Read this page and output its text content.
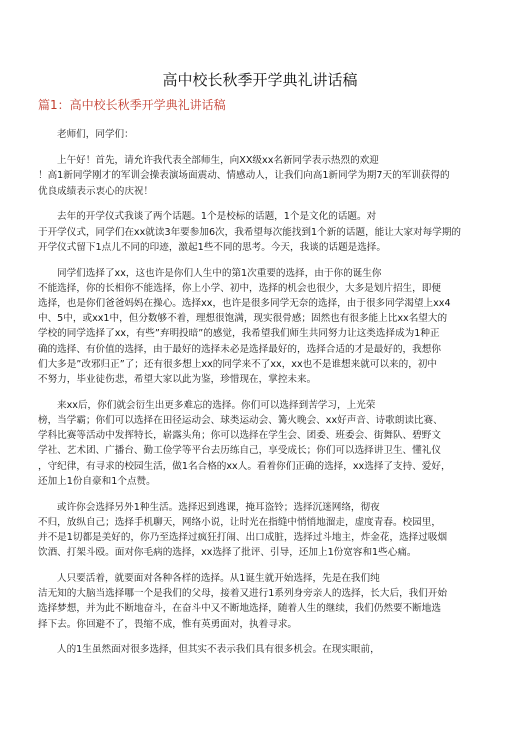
高中校长秋季开学典礼讲话稿
篇1：高中校长秋季开学典礼讲话稿

老师们，同学们：

上午好！首先，请允许我代表全部师生，向XX级xx名新同学表示热烈的欢迎
！高1新同学刚才的军训会操表演场面震动、情感动人，让我们向高1新同学为期7天的军训获得的
优良成绩表示衷心的庆祝！

去年的开学仪式我谈了两个话题。1个是校标的话题，1个是文化的话题。对
于开学仪式，同学们在xx就读3年要参加6次，我希望每次能找到1个新的话题，能让大家对每学期的
开学仪式留下1点儿不同的印迹，激起1些不同的思考。今天，我谈的话题是选择。

同学们选择了xx，这也许是你们人生中的第1次重要的选择，由于你的诞生你
不能选择，你的长相你不能选择，你上小学、初中，选择的机会也很少，大多是划片招生，即便
选择，也是你们爸爸妈妈在操心。选择xx，也许是很多同学无奈的选择，由于很多同学渴望上xx4
中、5中，或xx1中，但分数够不着，理想很饱满，现实很骨感；固然也有很多能上比xx名望大的
学校的同学选择了xx，有些”弃明投暗”的感觉，我希望我们师生共同努力让这类选择成为1种正
确的选择、有价值的选择，由于最好的选择未必是选择最好的，选择合适的才是最好的，我想你
们大多是”改邪归正”了；还有很多想上xx的同学来不了xx，xx也不是谁想来就可以来的，初中
不努力，毕业徒伤悲，希望大家以此为鉴，珍惜现在，掌控未来。

来xx后，你们就会衍生出更多难忘的选择。你们可以选择到苦学习，上光荣
榜，当学霸；你们可以选择在田径运动会、球类运动会、篝火晚会、xx好声音、诗歌朗读比赛、
学科比赛等活动中发挥特长，崭露头角；你可以选择在学生会、团委、班委会、街舞队、碧野文
学社、艺术团、广播台、勤工俭学等平台去历练自己，享受成长；你们可以选择讲卫生、懂礼仪
，守纪律，有寻求的校园生活，做1名合格的xx人。看着你们正确的选择，xx选择了支持、爱好，
还加上1份自豪和1个点赞。

或许你会选择另外1种生活。选择迟到逃课，掩耳盗铃；选择沉迷网络，彻夜
不归，放纵自己；选择手机聊天，网络小说，让时光在指缝中悄悄地溜走，虚度青春。校园里，
并不是1切都是美好的，你乃至选择过疯狂打闹、出口成脏，选择过斗地主，炸金花，选择过吸烟
饮酒、打架斗殴。面对你毛病的选择，xx选择了批评、引导，还加上1份宽容和1些心痛。

人只要活着，就要面对各种各样的选择。从1诞生就开始选择，先是在我们纯
洁无知的大脑当选择哪一个是我们的父母，接着又进行1系列身旁亲人的选择，长大后，我们开始
选择梦想，并为此不断地奋斗，在奋斗中又不断地选择，随着人生的继续，我们仍然要不断地选
择下去。你回避不了，畏缩不成，惟有英勇面对，执着寻求。

人的1生虽然面对很多选择，但其实不表示我们具有很多机会。在现实眼前，
